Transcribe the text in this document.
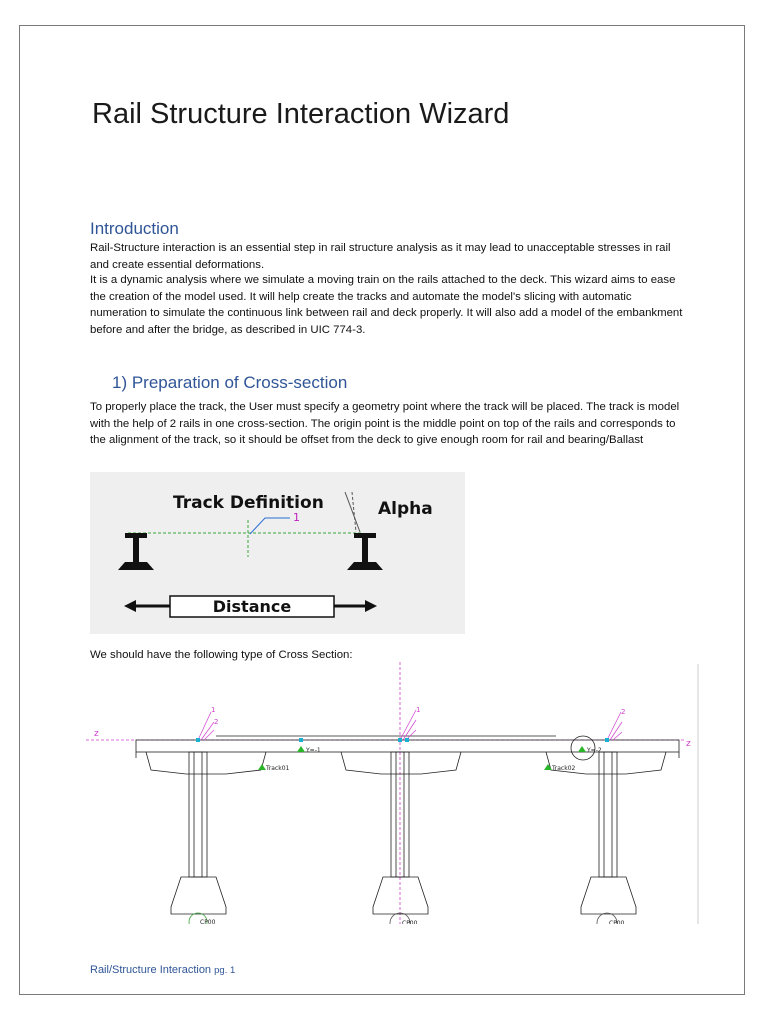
Rail Structure Interaction Wizard
Introduction

Rail-Structure interaction is an essential step in rail structure analysis as it may lead to unacceptable stresses in rail and create essential deformations.

It is a dynamic analysis where we simulate a moving train on the rails attached to the deck. This wizard aims to ease the creation of the model used. It will help create the tracks and automate the model's slicing with automatic numeration to simulate the continuous link between rail and deck properly. It will also add a model of the embankment before and after the bridge, as described in UIC 774-3.

1) Preparation of Cross-section

To properly place the track, the User must specify a geometry point where the track will be placed. The track is model with the help of 2 rails in one cross-section. The origin point is the middle point on top of the rails and corresponds to the alignment of the track, so it should be offset from the deck to give enough room for rail and bearing/Ballast

1
Track Definition	Alpha
Distance

We should have the following type of Cross Section:

z
z
CP00	CP00	CP00
Track01	Track02
Y=-1	Y=-2
1
2
1	2
Rail/Structure Interaction pg. 1
